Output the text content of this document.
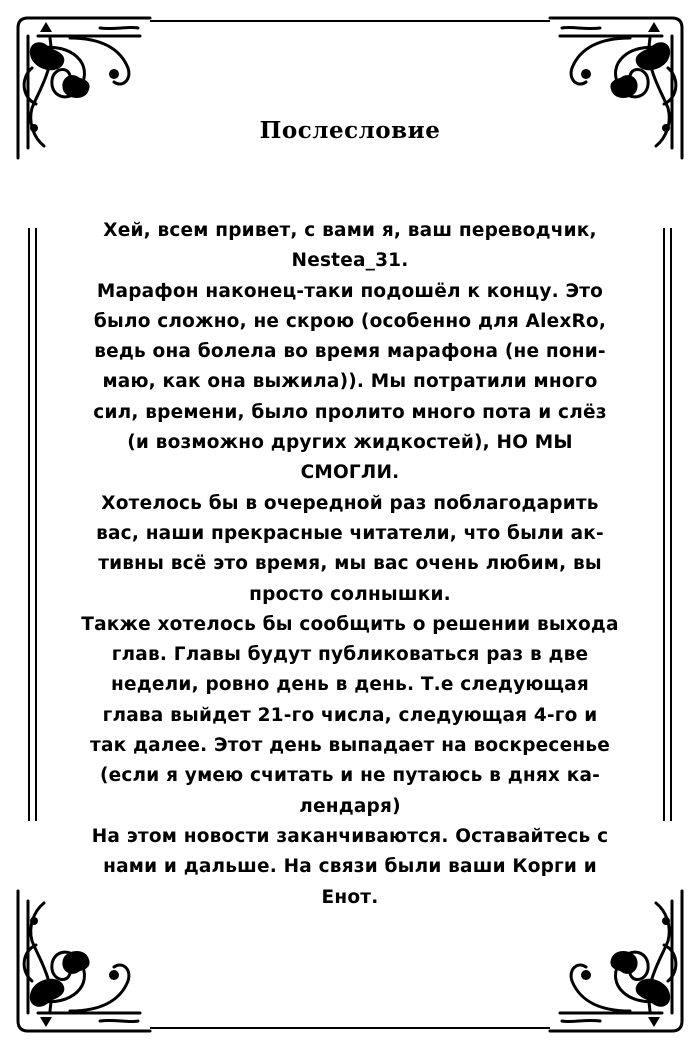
Послесловие
Хей, всем привет, с вами я, ваш переводчик,
Nestea_31.
Марафон наконец-таки подошёл к концу. Это
было сложно, не скрою (особенно для AlexRo,
ведь она болела во время марафона (не пони-
маю, как она выжила)). Мы потратили много
сил, времени, было пролито много пота и слёз
(и возможно других жидкостей), НО МЫ
СМОГЛИ.
Хотелось бы в очередной раз поблагодарить
вас, наши прекрасные читатели, что были ак-
тивны всё это время, мы вас очень любим, вы
просто солнышки.
Также хотелось бы сообщить о решении выхода
глав. Главы будут публиковаться раз в две
недели, ровно день в день. Т.е следующая
глава выйдет 21-го числа, следующая 4-го и
так далее. Этот день выпадает на воскресенье
(если я умею считать и не путаюсь в днях ка-
лендаря)
На этом новости заканчиваются. Оставайтесь с
нами и дальше. На связи были ваши Корги и
Енот.
